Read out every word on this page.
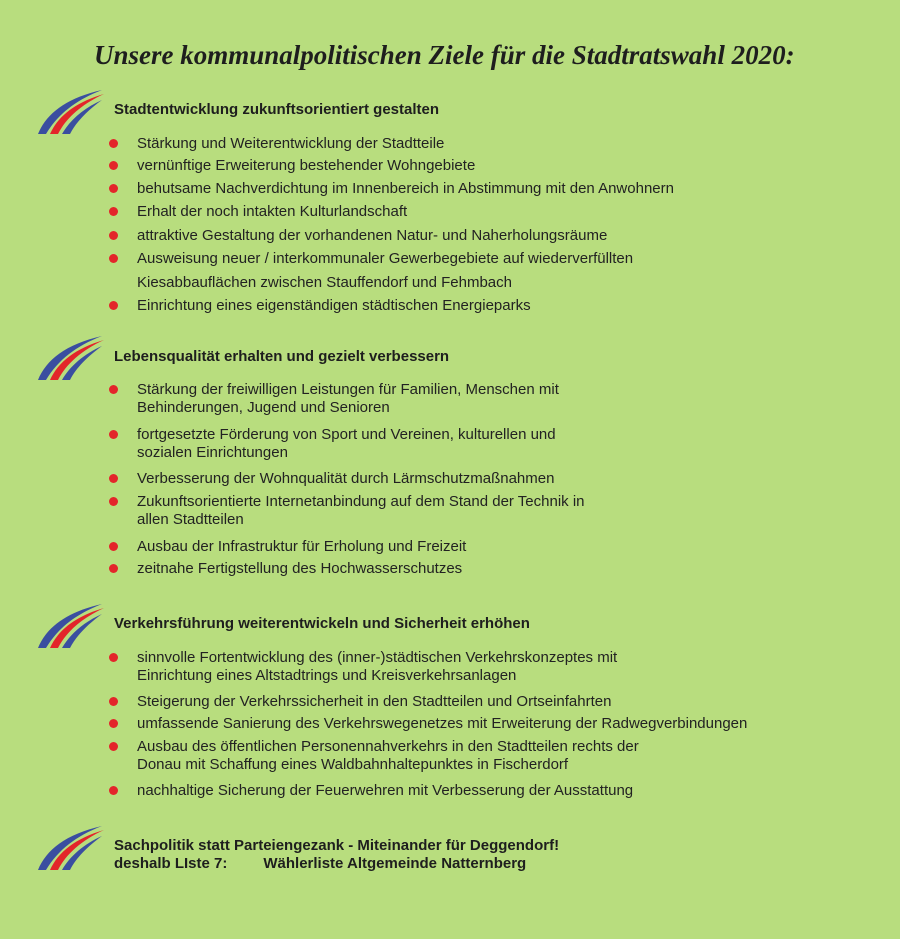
Unsere kommunalpolitischen Ziele für die Stadtratswahl 2020:
Stadtentwicklung zukunftsorientiert gestalten
Stärkung und Weiterentwicklung der Stadtteile
vernünftige Erweiterung bestehender Wohngebiete
behutsame Nachverdichtung im Innenbereich in Abstimmung mit den Anwohnern
Erhalt der noch intakten Kulturlandschaft
attraktive Gestaltung der vorhandenen Natur- und Naherholungsräume
Ausweisung neuer / interkommunaler Gewerbegebiete auf wiederverfüllten
Kiesabbauflächen zwischen Stauffendorf und Fehmbach
Einrichtung eines eigenständigen städtischen Energieparks
Lebensqualität erhalten und gezielt verbessern
Stärkung der freiwilligen Leistungen für Familien, Menschen mit
Behinderungen, Jugend und Senioren
fortgesetzte Förderung von Sport und Vereinen, kulturellen und
sozialen Einrichtungen
Verbesserung der Wohnqualität durch Lärmschutzmaßnahmen
Zukunftsorientierte Internetanbindung auf dem Stand der Technik in
allen Stadtteilen
Ausbau der Infrastruktur für Erholung und Freizeit
zeitnahe Fertigstellung des Hochwasserschutzes
Verkehrsführung weiterentwickeln und Sicherheit erhöhen
sinnvolle Fortentwicklung des (inner-)städtischen Verkehrskonzeptes mit
Einrichtung eines Altstadtrings und Kreisverkehrsanlagen
Steigerung der Verkehrssicherheit in den Stadtteilen und Ortseinfahrten
umfassende Sanierung des Verkehrswegenetzes mit Erweiterung der Radwegverbindungen
Ausbau des öffentlichen Personennahverkehrs in den Stadtteilen rechts der
Donau mit Schaffung eines Waldbahnhaltepunktes in Fischerdorf
nachhaltige Sicherung der Feuerwehren mit Verbesserung der Ausstattung
Sachpolitik statt Parteiengezank - Miteinander für Deggendorf!
deshalb LIste 7: Wählerliste Altgemeinde Natternberg
